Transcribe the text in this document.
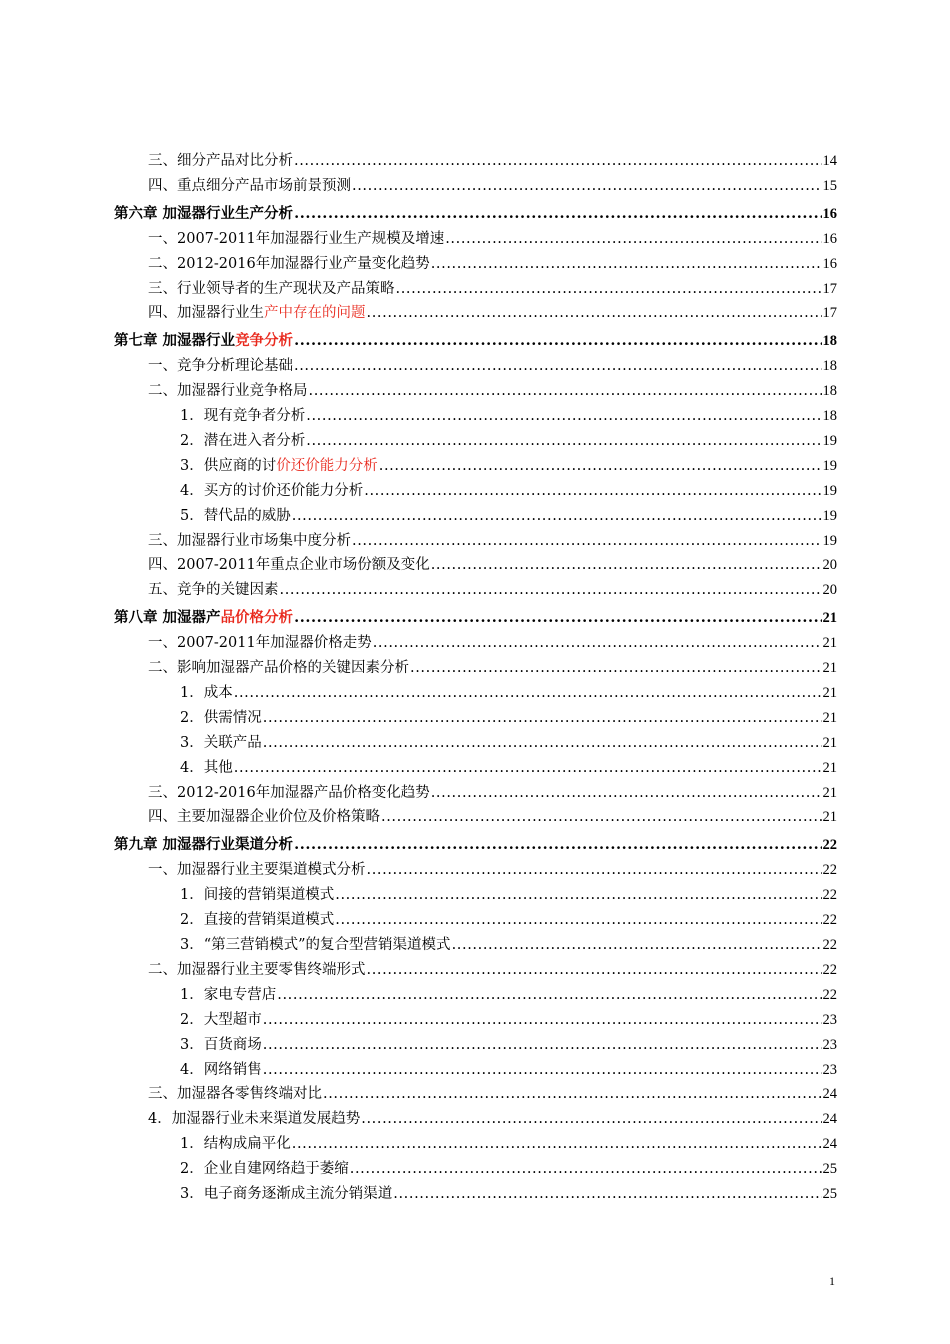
三、细分产品对比分析 .....	14
四、重点细分产品市场前景预测 .....	15
第六章 加湿器行业生产分析 .....	16
一、2007-2011年加湿器行业生产规模及增速 .....	16
二、2012-2016年加湿器行业产量变化趋势 .....	16
三、行业领导者的生产现状及产品策略 .....	17
四、加湿器行业生产中存在的问题 .....	17
第七章 加湿器行业竞争分析 .....	18
一、竞争分析理论基础 .....	18
二、加湿器行业竞争格局 .....	18
1．现有竞争者分析 .....	18
2．潜在进入者分析 .....	19
3．供应商的讨价还价能力分析 .....	19
4．买方的讨价还价能力分析 .....	19
5．替代品的威胁 .....	19
三、加湿器行业市场集中度分析 .....	19
四、2007-2011年重点企业市场份额及变化 .....	20
五、竞争的关键因素 .....	20
第八章 加湿器产品价格分析 .....	21
一、2007-2011年加湿器价格走势 .....	21
二、影响加湿器产品价格的关键因素分析 .....	21
1．成本 .....	21
2．供需情况 .....	21
3．关联产品 .....	21
4．其他 .....	21
三、2012-2016年加湿器产品价格变化趋势 .....	21
四、主要加湿器企业价位及价格策略 .....	21
第九章 加湿器行业渠道分析 .....	22
一、加湿器行业主要渠道模式分析 .....	22
1．间接的营销渠道模式 .....	22
2．直接的营销渠道模式 .....	22
3．“第三营销模式”的复合型营销渠道模式 .....	22
二、加湿器行业主要零售终端形式 .....	22
1．家电专营店 .....	22
2．大型超市 .....	23
3．百货商场 .....	23
4．网络销售 .....	23
三、加湿器各零售终端对比 .....	24
4．加湿器行业未来渠道发展趋势 .....	24
1．结构成扁平化 .....	24
2．企业自建网络趋于萎缩 .....	25
3．电子商务逐渐成主流分销渠道 .....	25
1
